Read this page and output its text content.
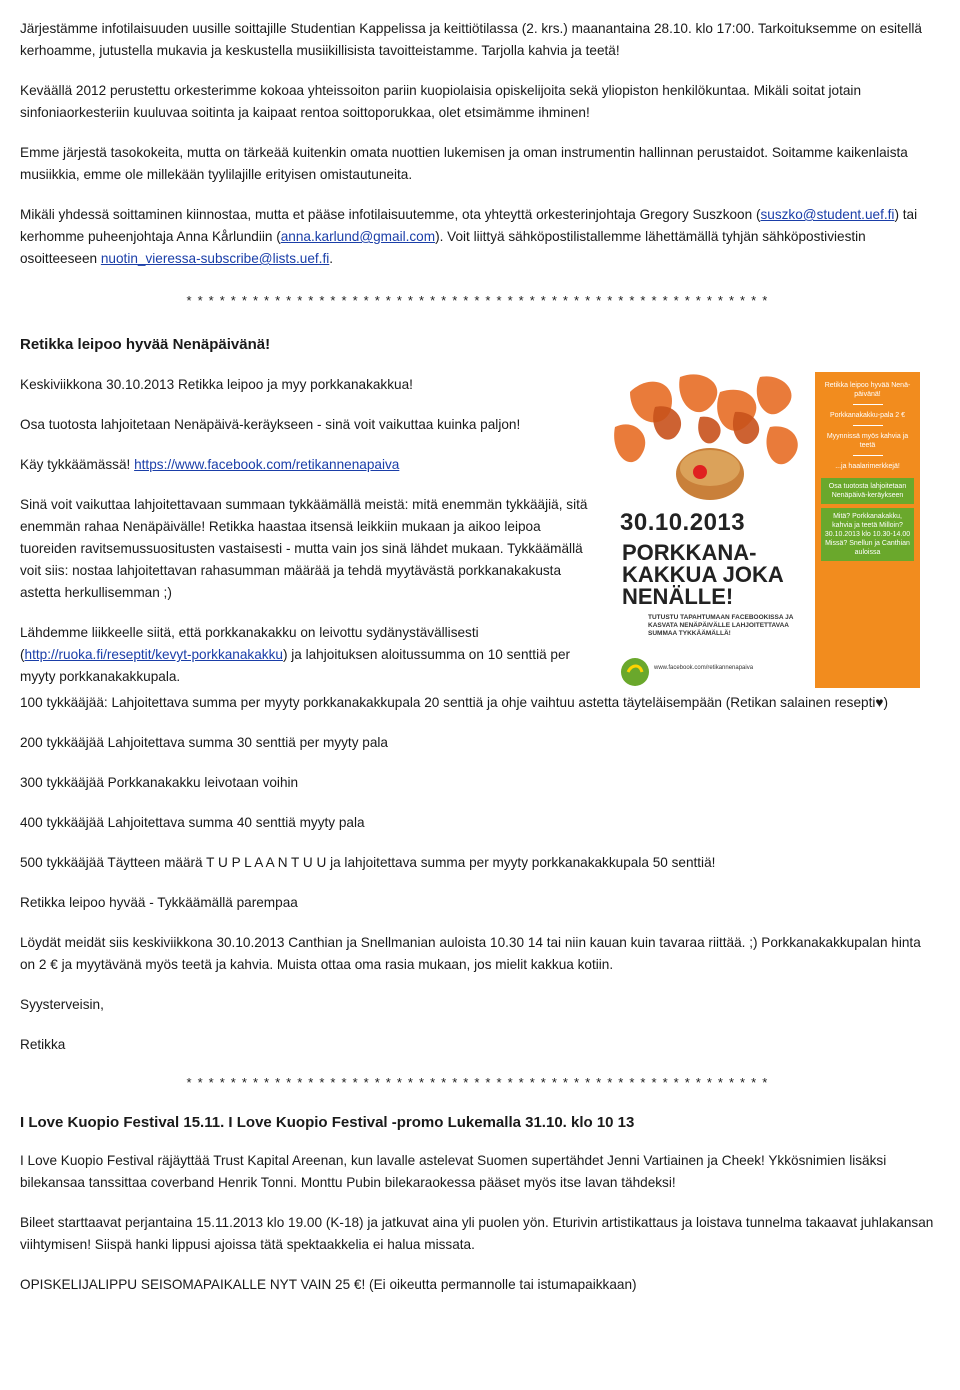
Järjestämme infotilaisuuden uusille soittajille Studentian Kappelissa ja keittiötilassa (2. krs.) maanantaina 28.10. klo 17:00. Tarkoituksemme on esitellä kerhoamme, jutustella mukavia ja keskustella musiikillisista tavoitteistamme. Tarjolla kahvia ja teetä!

Keväällä 2012 perustettu orkesterimme kokoaa yhteissoiton pariin kuopiolaisia opiskelijoita sekä yliopiston henkilökuntaa. Mikäli soitat jotain sinfoniaorkesteriin kuuluvaa soitinta ja kaipaat rentoa soittoporukkaa, olet etsimämme ihminen!

Emme järjestä tasokokeita, mutta on tärkeää kuitenkin omata nuottien lukemisen ja oman instrumentin hallinnan perustaidot. Soitamme kaikenlaista musiikkia, emme ole millekään tyylilajille erityisen omistautuneita.

Mikäli yhdessä soittaminen kiinnostaa, mutta et pääse infotilaisuutemme, ota yhteyttä orkesterinjohtaja Gregory Suszkoon (suszko@student.uef.fi) tai kerhomme puheenjohtaja Anna Kårlundiin (anna.karlund@gmail.com). Voit liittyä sähköpostilistallemme lähettämällä tyhjän sähköpostiviestin osoitteeseen nuotin_vieressa-subscribe@lists.uef.fi.

* * * * * * * * * * * * * * * * * * * * * * * * * * * * * * * * * * * * * * * * * * * * * * * * * * * * *

Retikka leipoo hyvää Nenäpäivänä!

Keskiviikkona 30.10.2013 Retikka leipoo ja myy porkkanakakkua!

Osa tuotosta lahjoitetaan Nenäpäivä-keräykseen - sinä voit vaikuttaa kuinka paljon!

Käy tykkäämässä! https://www.facebook.com/retikannenapaiva

Sinä voit vaikuttaa lahjoitettavaan summaan tykkäämällä meistä: mitä enemmän tykkääjiä, sitä enemmän rahaa Nenäpäivälle! Retikka haastaa itsensä leikkiin mukaan ja aikoo leipoa tuoreiden ravitsemussuositusten vastaisesti - mutta vain jos sinä lähdet mukaan. Tykkäämällä voit siis: nostaa lahjoitettavan rahasumman määrää ja tehdä myytävästä porkkanakakusta astetta herkullisemman ;)

Lähdemme liikkeelle siitä, että porkkanakakku on leivottu sydänystävällisesti (http://ruoka.fi/reseptit/kevyt-porkkanakakku) ja lahjoituksen aloitussumma on 10 senttiä per myyty porkkanakakkupala.

30.10.2013
PORKKANA-
KAKKUA JOKA
NENÄLLE!
TUTUSTU TAPAHTUMAAN FACEBOOKISSA JA KASVATA NENÄPÄIVÄLLE LAHJOITETTAVAA SUMMAA TYKKÄÄMÄLLÄ!
www.facebook.com/retikannenapaiva
Retikka leipoo hyvää Nenä-päivänä!
Porkkanakakku-pala 2 €
Myynnissä myös kahvia ja teetä
...ja haalarimerkkejä!
Osa tuotosta lahjoitetaan Nenäpäivä-keräykseen
Mitä? Porkkanakakku, kahvia ja teetä Milloin? 30.10.2013 klo 10.30-14.00 Missä? Snellun ja Canthian auloissa

100 tykkääjää: Lahjoitettava summa per myyty porkkanakakkupala 20 senttiä ja ohje vaihtuu astetta täyteläisempään (Retikan salainen resepti♥)

200 tykkääjää Lahjoitettava summa 30 senttiä per myyty pala

300 tykkääjää Porkkanakakku leivotaan voihin

400 tykkääjää Lahjoitettava summa 40 senttiä myyty pala

500 tykkääjää Täytteen määrä T U P L A A N T U U ja lahjoitettava summa per myyty porkkanakakkupala 50 senttiä!

Retikka leipoo hyvää - Tykkäämällä parempaa

Löydät meidät siis keskiviikkona 30.10.2013 Canthian ja Snellmanian auloista 10.30 14 tai niin kauan kuin tavaraa riittää. ;) Porkkanakakkupalan hinta on 2 € ja myytävänä myös teetä ja kahvia. Muista ottaa oma rasia mukaan, jos mielit kakkua kotiin.

Syysterveisin,

Retikka

* * * * * * * * * * * * * * * * * * * * * * * * * * * * * * * * * * * * * * * * * * * * * * * * * * * * *

I Love Kuopio Festival 15.11. I Love Kuopio Festival -promo Lukemalla 31.10. klo 10 13

I Love Kuopio Festival räjäyttää Trust Kapital Areenan, kun lavalle astelevat Suomen supertähdet Jenni Vartiainen ja Cheek! Ykkösnimien lisäksi bilekansaa tanssittaa coverband Henrik Tonni. Monttu Pubin bilekaraokessa pääset myös itse lavan tähdeksi!

Bileet starttaavat perjantaina 15.11.2013 klo 19.00 (K-18) ja jatkuvat aina yli puolen yön. Eturivin artistikattaus ja loistava tunnelma takaavat juhlakansan viihtymisen! Siispä hanki lippusi ajoissa tätä spektaakkelia ei halua missata.

OPISKELIJALIPPU SEISOMAPAIKALLE NYT VAIN 25 €! (Ei oikeutta permannolle tai istumapaikkaan)
